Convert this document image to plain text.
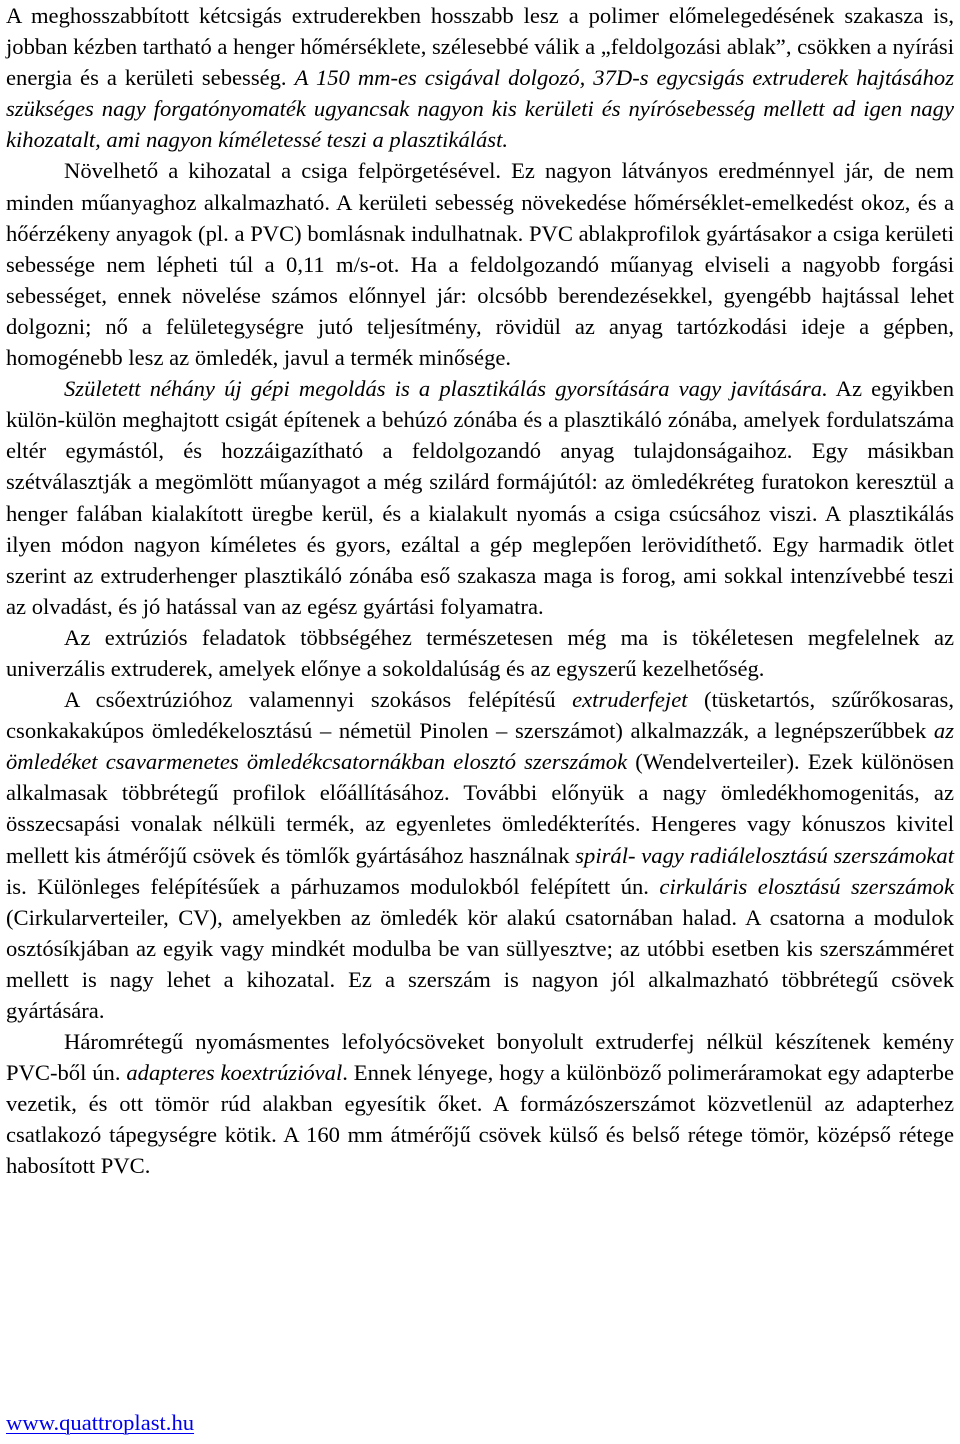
A meghosszabbított kétcsigás extruderekben hosszabb lesz a polimer előmelegedésének szakasza is, jobban kézben tartható a henger hőmérséklete, szélesebbé válik a „feldolgozási ablak”, csökken a nyírási energia és a kerületi sebesség. A 150 mm-es csigával dolgozó, 37D-s egycsigás extruderek hajtásához szükséges nagy forgatónyomaték ugyancsak nagyon kis kerületi és nyírósebesség mellett ad igen nagy kihozatalt, ami nagyon kíméletessé teszi a plasztikálást.

Növelhető a kihozatal a csiga felpörgetésével. Ez nagyon látványos eredménnyel jár, de nem minden műanyaghoz alkalmazható. A kerületi sebesség növekedése hőmérséklet-emelkedést okoz, és a hőérzékeny anyagok (pl. a PVC) bomlásnak indulhatnak. PVC ablakprofilok gyártásakor a csiga kerületi sebessége nem lépheti túl a 0,11 m/s-ot. Ha a feldolgozandó műanyag elviseli a nagyobb forgási sebességet, ennek növelése számos előnnyel jár: olcsóbb berendezésekkel, gyengébb hajtással lehet dolgozni; nő a felületegységre jutó teljesítmény, rövidül az anyag tartózkodási ideje a gépben, homogénebb lesz az ömledék, javul a termék minősége.

Született néhány új gépi megoldás is a plasztikálás gyorsítására vagy javítására. Az egyikben külön-külön meghajtott csigát építenek a behúzó zónába és a plasztikáló zónába, amelyek fordulatszáma eltér egymástól, és hozzáigazítható a feldolgozandó anyag tulajdonságaihoz. Egy másikban szétválasztják a megömlött műanyagot a még szilárd formájútól: az ömledékréteg furatokon keresztül a henger falában kialakított üregbe kerül, és a kialakult nyomás a csiga csúcsához viszi. A plasztikálás ilyen módon nagyon kíméletes és gyors, ezáltal a gép meglepően lerövidíthető. Egy harmadik ötlet szerint az extruderhenger plasztikáló zónába eső szakasza maga is forog, ami sokkal intenzívebbé teszi az olvadást, és jó hatással van az egész gyártási folyamatra.

Az extrúziós feladatok többségéhez természetesen még ma is tökéletesen megfelelnek az univerzális extruderek, amelyek előnye a sokoldalúság és az egyszerű kezelhetőség.

A csőextrúzióhoz valamennyi szokásos felépítésű extruderfejet (tüsketartós, szűrőkosaras, csonkakakúpos ömledékelosztású – németül Pinolen – szerszámot) alkalmazzák, a legnépszerűbbek az ömledéket csavarmenetes ömledékcsatornákban elosztó szerszámok (Wendelverteiler). Ezek különösen alkalmasak többrétegű profilok előállításához. További előnyük a nagy ömledékhomogenitás, az összecsapási vonalak nélküli termék, az egyenletes ömledékterítés. Hengeres vagy kónuszos kivitel mellett kis átmérőjű csövek és tömlők gyártásához használnak spirál- vagy radiálelosztású szerszámokat is. Különleges felépítésűek a párhuzamos modulokból felépített ún. cirkuláris elosztású szerszámok (Cirkularverteiler, CV), amelyekben az ömledék kör alakú csatornában halad. A csatorna a modulok osztósíkjában az egyik vagy mindkét modulba be van süllyesztve; az utóbbi esetben kis szerszámméret mellett is nagy lehet a kihozatal. Ez a szerszám is nagyon jól alkalmazható többrétegű csövek gyártására.

Háromrétegű nyomásmentes lefolyócsöveket bonyolult extruderfej nélkül készítenek kemény PVC-ből ún. adapteres koextrúzióval. Ennek lényege, hogy a különböző polimeráramokat egy adapterbe vezetik, és ott tömör rúd alakban egyesítik őket. A formázószerszámot közvetlenül az adapterhez csatlakozó tápegységre kötik. A 160 mm átmérőjű csövek külső és belső rétege tömör, középső rétege habosított PVC.

www.quattroplast.hu
